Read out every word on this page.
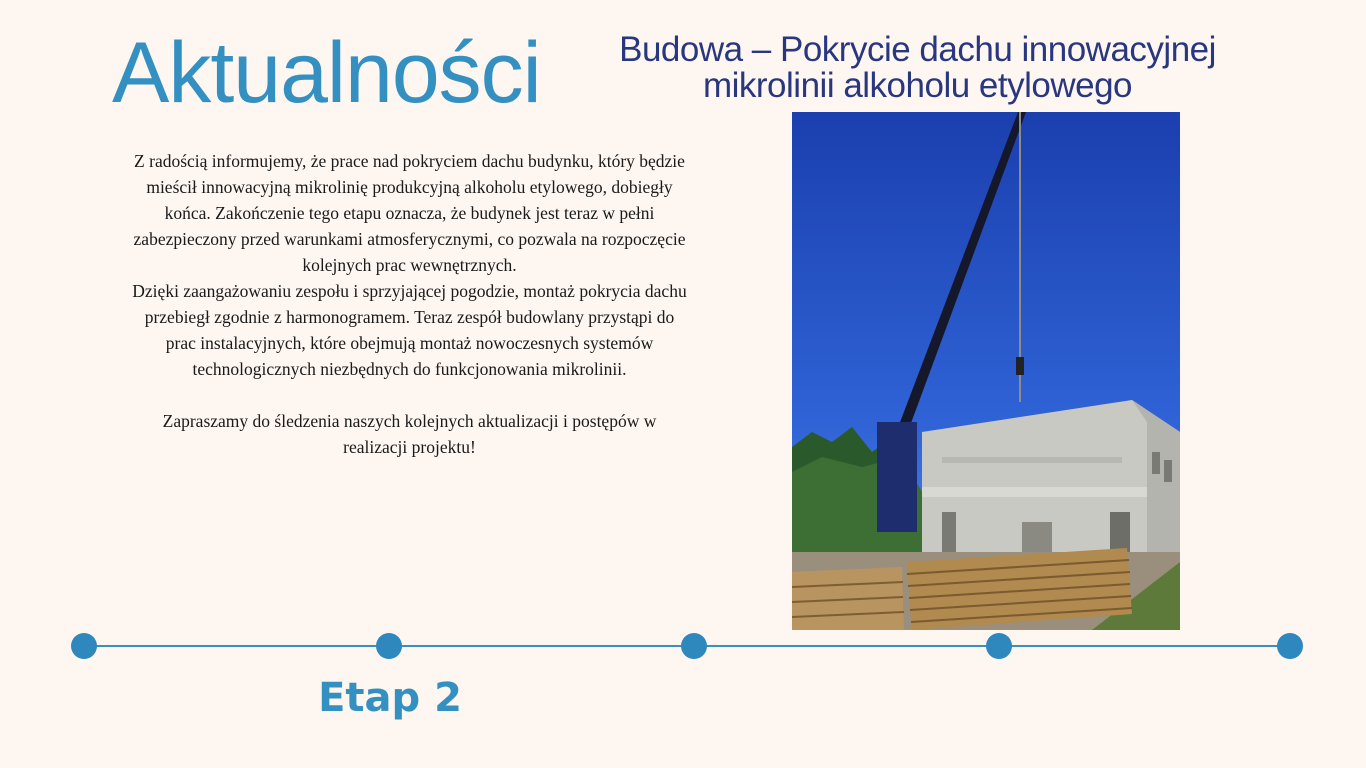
Aktualności	Budowa – Pokrycie dachu innowacyjnej
mikrolinii alkoholu etylowego

Z radością informujemy, że prace nad pokryciem dachu budynku, który będzie mieścił innowacyjną mikrolinię produkcyjną alkoholu etylowego, dobiegły końca. Zakończenie tego etapu oznacza, że budynek jest teraz w pełni zabezpieczony przed warunkami atmosferycznymi, co pozwala na rozpoczęcie kolejnych prac wewnętrznych.

Dzięki zaangażowaniu zespołu i sprzyjającej pogodzie, montaż pokrycia dachu przebiegł zgodnie z harmonogramem. Teraz zespół budowlany przystąpi do prac instalacyjnych, które obejmują montaż nowoczesnych systemów technologicznych niezbędnych do funkcjonowania mikrolinii.

Zapraszamy do śledzenia naszych kolejnych aktualizacji i postępów w realizacji projektu!

Etap 2
